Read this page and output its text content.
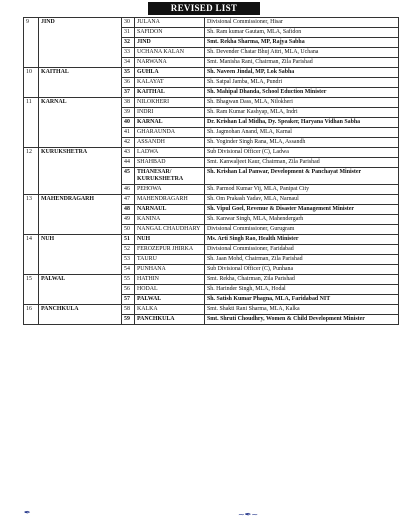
REVISED LIST
9	JIND	30	JULANA	Divisional Commissioner, Hisar
		31	SAFIDON	Sh. Ram kumar Gautam, MLA, Safidon
		32	JIND	Smt. Rekha Sharma, MP, Rajya Sabha
		33	UCHANA KALAN	Sh. Devender Chatar Bhuj Attri, MLA, Uchana
		34	NARWANA	Smt. Manisha Rani, Chairman, Zila Parishad
10	KAITHAL	35	GUHLA	Sh. Naveen Jindal, MP, Lok Sabha
		36	KALAYAT	Sh. Satpal Jamba, MLA, Pundri
		37	KAITHAL	Sh. Mahipal Dhanda, School Eduction Minister
11	KARNAL	38	NILOKHERI	Sh. Bhagwan Dass, MLA, Nilokheri
		39	INDRI	Sh. Ram Kumar Kashyap, MLA, Indri
		40	KARNAL	Dr. Krishan Lal Midha, Dy. Speaker, Haryana Vidhan Sabha
		41	GHARAUNDA	Sh. Jagmohan Anand, MLA, Karnal
		42	ASSANDH	Sh. Yoginder Singh Rana, MLA, Assandh
12	KURUKSHETRA	43	LADWA	Sub Divisional Officer (C), Ladwa
		44	SHAHBAD	Smt. Kanwaljeet Kaur, Chairman, Zila Parishad
		45	THANESAR/ KURUKSHETRA	Sh. Krishan Lal Panwar, Development & Panchayat Minister
		46	PEHOWA	Sh. Parmod Kumar Vij, MLA, Panipat City
13	MAHENDRAGARH	47	MAHENDRAGARH	Sh. Om Prakash Yadav, MLA, Narnaul
		48	NARNAUL	Sh. Vipul Goel, Revenue & Disaster Management Minister
		49	KANINA	Sh. Kanwar Singh, MLA, Mahendergarh
		50	NANGAL CHAUDHARY	Divisional Commissioner, Gurugram
14	NUH	51	NUH	Ms. Arti Singh Rao, Health Minister
		52	FEROZEPUR JHIRKA	Divisional Commissioner, Faridabad
		53	TAURU	Sh. Jaan Mohd, Chairman, Zila Parishad
		54	PUNHANA	Sub Divisional Officer (C), Punhana
15	PALWAL	55	HATHIN	Smt. Rekha, Chairman, Zila Parishad
		56	HODAL	Sh. Harinder Singh, MLA, Hodal
		57	PALWAL	Sh. Satish Kumar Phagna, MLA, Faridabad NIT
16	PANCHKULA	58	KALKA	Smt. Shakti Rani Sharma, MLA, Kalka
		59	PANCHKULA	Smt. Shruti Choudhry, Women & Child Development Minister
✒	~✒~
